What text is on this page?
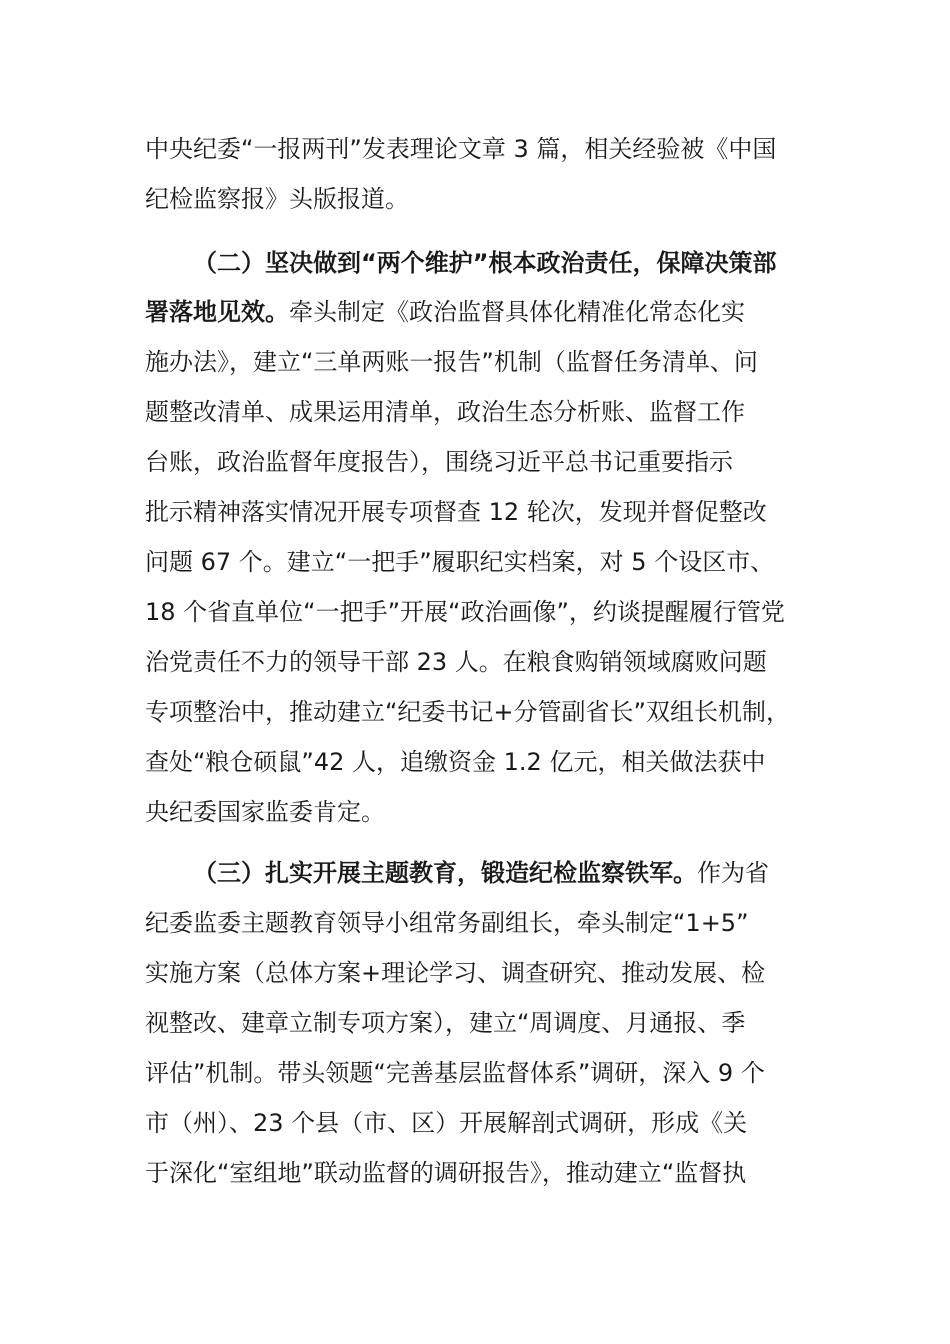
中央纪委“一报两刊”发表理论文章 3 篇，相关经验被《中国
纪检监察报》头版报道。
（二）坚决做到“两个维护”根本政治责任，保障决策部
署落地见效。牵头制定《政治监督具体化精准化常态化实
施办法》，建立“三单两账一报告”机制（监督任务清单、问
题整改清单、成果运用清单，政治生态分析账、监督工作
台账，政治监督年度报告），围绕习近平总书记重要指示
批示精神落实情况开展专项督查 12 轮次，发现并督促整改
问题 67 个。建立“一把手”履职纪实档案，对 5 个设区市、
18 个省直单位“一把手”开展“政治画像”，约谈提醒履行管党
治党责任不力的领导干部 23 人。在粮食购销领域腐败问题
专项整治中，推动建立“纪委书记+分管副省长”双组长机制，
查处“粮仓硕鼠”42 人，追缴资金 1.2 亿元，相关做法获中
央纪委国家监委肯定。
（三）扎实开展主题教育，锻造纪检监察铁军。作为省
纪委监委主题教育领导小组常务副组长，牵头制定“1+5”
实施方案（总体方案+理论学习、调查研究、推动发展、检
视整改、建章立制专项方案），建立“周调度、月通报、季
评估”机制。带头领题“完善基层监督体系”调研，深入 9 个
市（州）、23 个县（市、区）开展解剖式调研，形成《关
于深化“室组地”联动监督的调研报告》，推动建立“监督执
